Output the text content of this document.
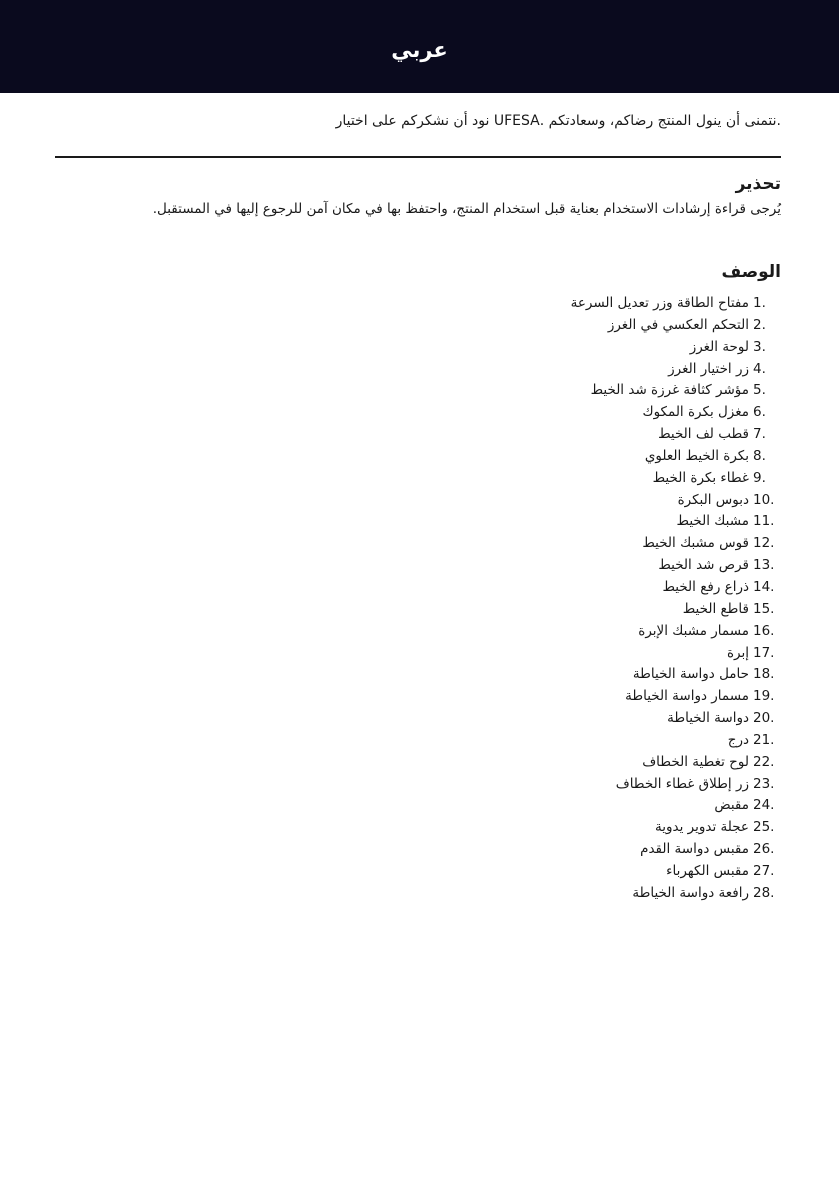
عربي

.نتمنى أن ينول المنتج رضاكم، وسعادتكم .UFESA نود أن نشكركم على اختيار

تحذير

يُرجى قراءة إرشادات الاستخدام بعناية قبل استخدام المنتج، واحتفظ بها في مكان آمن للرجوع إليها في المستقبل.

الوصف
1.مفتاح الطاقة وزر تعديل السرعة
2.التحكم العكسي في الغرز
3.لوحة الغرز
4.زر اختيار الغرز
5.مؤشر كثافة غرزة شد الخيط
6.مغزل بكرة المكوك
7.قطب لف الخيط
8.بكرة الخيط العلوي
9.غطاء بكرة الخيط
10.دبوس البكرة
11.مشبك الخيط
12.قوس مشبك الخيط
13.قرص شد الخيط
14.ذراع رفع الخيط
15.قاطع الخيط
16.مسمار مشبك الإبرة
17.إبرة
18.حامل دواسة الخياطة
19.مسمار دواسة الخياطة
20.دواسة الخياطة
21.درج
22.لوح تغطية الخطاف
23.زر إطلاق غطاء الخطاف
24.مقبض
25.عجلة تدوير يدوية
26.مقبس دواسة القدم
27.مقبس الكهرباء
28.رافعة دواسة الخياطة
